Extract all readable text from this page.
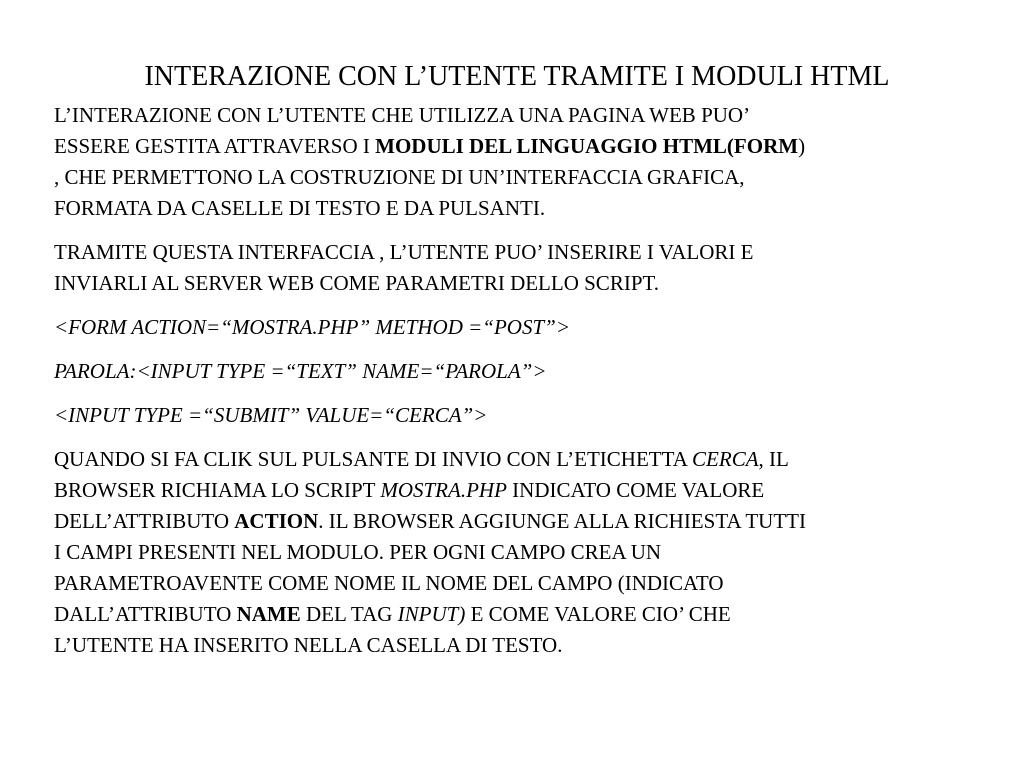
INTERAZIONE CON L’UTENTE TRAMITE I MODULI HTML
L’INTERAZIONE CON L’UTENTE CHE UTILIZZA UNA PAGINA WEB PUO’
ESSERE GESTITA ATTRAVERSO I MODULI DEL LINGUAGGIO HTML(FORM)
, CHE PERMETTONO LA COSTRUZIONE DI UN’INTERFACCIA GRAFICA,
FORMATA DA CASELLE DI TESTO E DA PULSANTI.
TRAMITE QUESTA INTERFACCIA , L’UTENTE PUO’ INSERIRE I VALORI E
INVIARLI AL SERVER WEB COME PARAMETRI DELLO SCRIPT.
<FORM ACTION=“MOSTRA.PHP” METHOD =“POST”>
PAROLA:<INPUT TYPE =“TEXT” NAME=“PAROLA”>
<INPUT TYPE =“SUBMIT” VALUE=“CERCA”>
QUANDO SI FA CLIK SUL PULSANTE DI INVIO CON L’ETICHETTA CERCA, IL
BROWSER RICHIAMA LO SCRIPT MOSTRA.PHP INDICATO COME VALORE
DELL’ATTRIBUTO ACTION. IL BROWSER AGGIUNGE ALLA RICHIESTA TUTTI
I CAMPI PRESENTI NEL MODULO. PER OGNI CAMPO CREA UN
PARAMETROAVENTE COME NOME IL NOME DEL CAMPO (INDICATO
DALL’ATTRIBUTO NAME DEL TAG INPUT) E COME VALORE CIO’ CHE
L’UTENTE HA INSERITO NELLA CASELLA DI TESTO.
